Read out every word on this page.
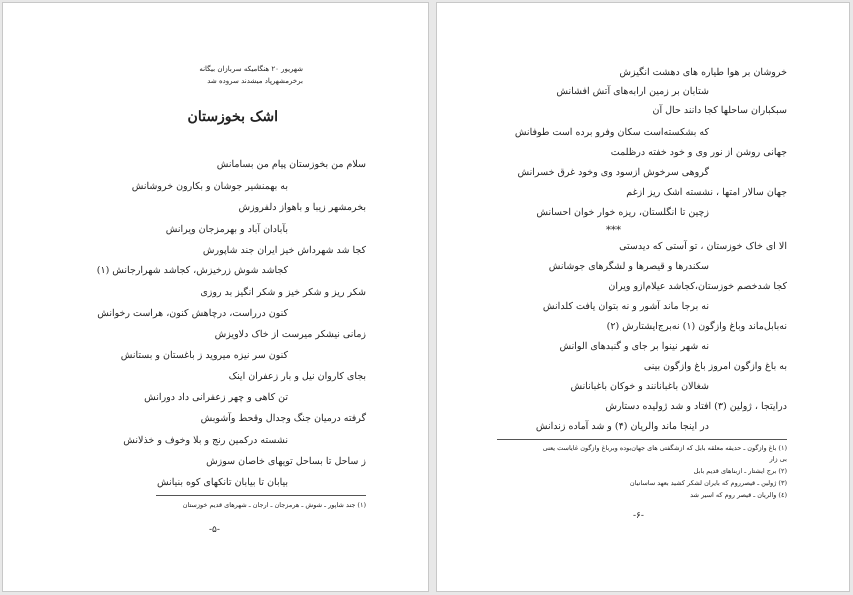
شهریور ۲۰ هنگامیکه سربازان بیگانه
برخرمشهرپاد میشدند سروده شد
اشک بخوزستان
سلام من بخوزستان پیام من بسامانش
به بهمنشیر جوشان و بکارون خروشانش
بخرمشهر زیبا و باهواز دلفروزش
بآبادان آباد و بهرمزجان ویرانش
کجا شد شهرداش خیز ایران جند شاپورش
کجاشد شوش زرخیزش، کجاشد شهرارجانش (۱)
شکر ریز و شکر خیز و شکر انگیز بد روزی
کنون درراست، درچاهش کنون، هراست رخوانش
زمانی نیشکر میرست از خاک دلاویزش
کنون سر نیزه میروید ز باغستان و بستانش
بجای کاروان نیل و بار زعفران اینک
تن کاهی و چهر زعفرانی داد دورانش
گرفته درمیان جنگ وجدال وقحط وآشوبش
نشسته درکمین رنج و بلا وخوف و خذلانش
ز ساحل تا بساحل تویهای خاصان سوزش
بیابان تا بیابان تانکهای کوه بنیانش
(۱) جند شاپور ـ شوش ـ هرمزجان ـ ارجان ـ شهرهای قدیم خوزستان
-۵-
خروشان بر هوا طیاره های دهشت انگیزش
شتابان بر زمین ارابه‌های آتش افشانش
سبکباران ساحلها کجا دانند حال آن
که بشکسته‌است سکان وفرو برده است طوفانش
جهانی روشن از نور وی و خود خفته درظلمت
گروهی سرخوش ازسود وی وخود غرق خسرانش
جهان سالار امتها ، نشسته اشک ریز ازغم
زچین تا انگلستان، ریزه خوار خوان احسانش
***
الا ای خاک خوزستان ، تو آستی که دیدستی
سکندرها و قیصرها و لشگرهای جوشانش
کجا شدخصم خوزستان،کجاشد عیلام‌ازو ویران
نه برجا ماند آشور و نه بتوان یافت کلدانش
نه‌بابل‌ماند وباغ وازگون (۱) نه‌برج‌ایشتارش (۲)
نه شهر نینوا بر جای و گنبدهای الوانش
به باغ وازگون امروز باغ وازگون بینی
شغالان باغبانانند و خوکان باغبانانش
درایتجا ، ژولین (۳) افتاد و شد ژولیده دستارش
در اینجا ماند والریان (۴) و شد آماده زندانش
(۱) باغ وازگون ـ حدیقه معلقه بابل که ازشگفتی های جهان‌بوده وبرباغ وازگون غایاست یعنی
بی زار
(۲) برج ایشتار ـ ازبناهای قدیم بابل
(۳) ژولین ـ قیصرروم که بایران لشکر کشید بعهد ساسانیان
(٤) والریان ـ قیصر روم که اسیر شد
-۶-
